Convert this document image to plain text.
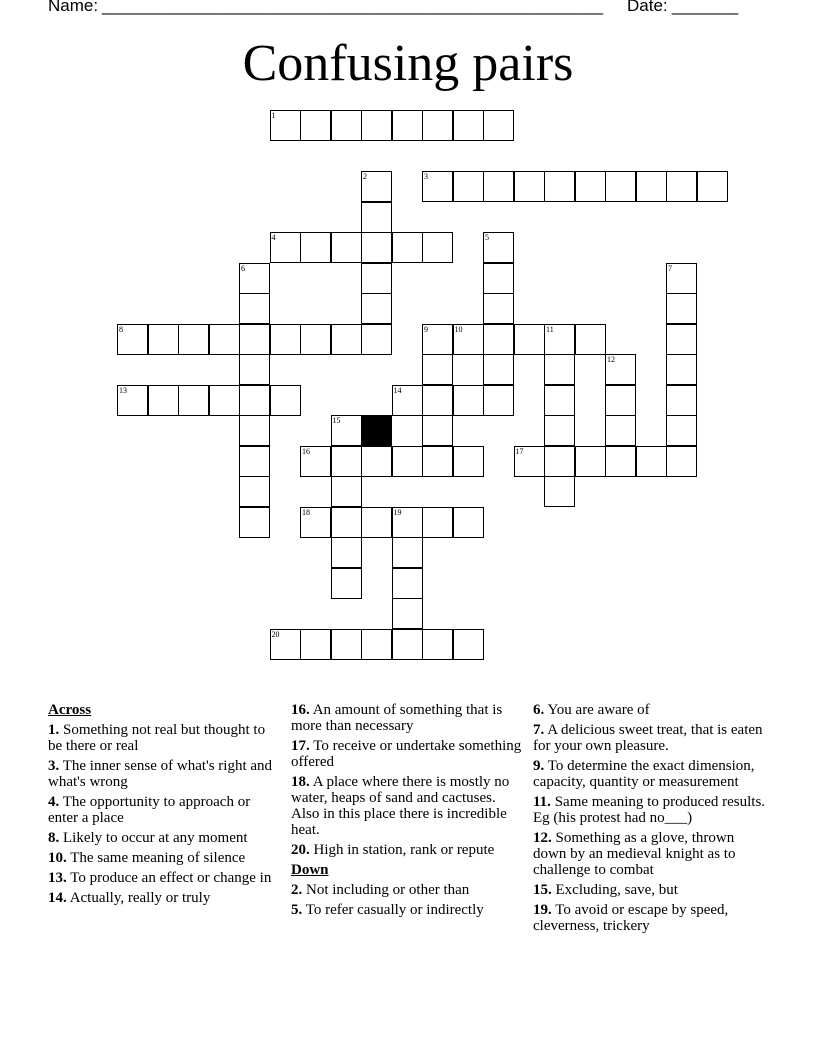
Name: _____________________________________________________ Date: _______
Confusing pairs
1
2	3
4	5
6	7
8	9	10	11
12
13	14
15
16	17
18	19
20
Across
1. Something not real but thought to be there or real
3. The inner sense of what's right and what's wrong
4. The opportunity to approach or enter a place
8. Likely to occur at any moment
10. The same meaning of silence
13. To produce an effect or change in
14. Actually, really or truly
16. An amount of something that is more than necessary
17. To receive or undertake something offered
18. A place where there is mostly no water, heaps of sand and cactuses. Also in this place there is incredible heat.
20. High in station, rank or repute
Down
2. Not including or other than
5. To refer casually or indirectly
6. You are aware of
7. A delicious sweet treat, that is eaten for your own pleasure.
9. To determine the exact dimension, capacity, quantity or measurement
11. Same meaning to produced results. Eg (his protest had no___)
12. Something as a glove, thrown down by an medieval knight as to challenge to combat
15. Excluding, save, but
19. To avoid or escape by speed, cleverness, trickery
